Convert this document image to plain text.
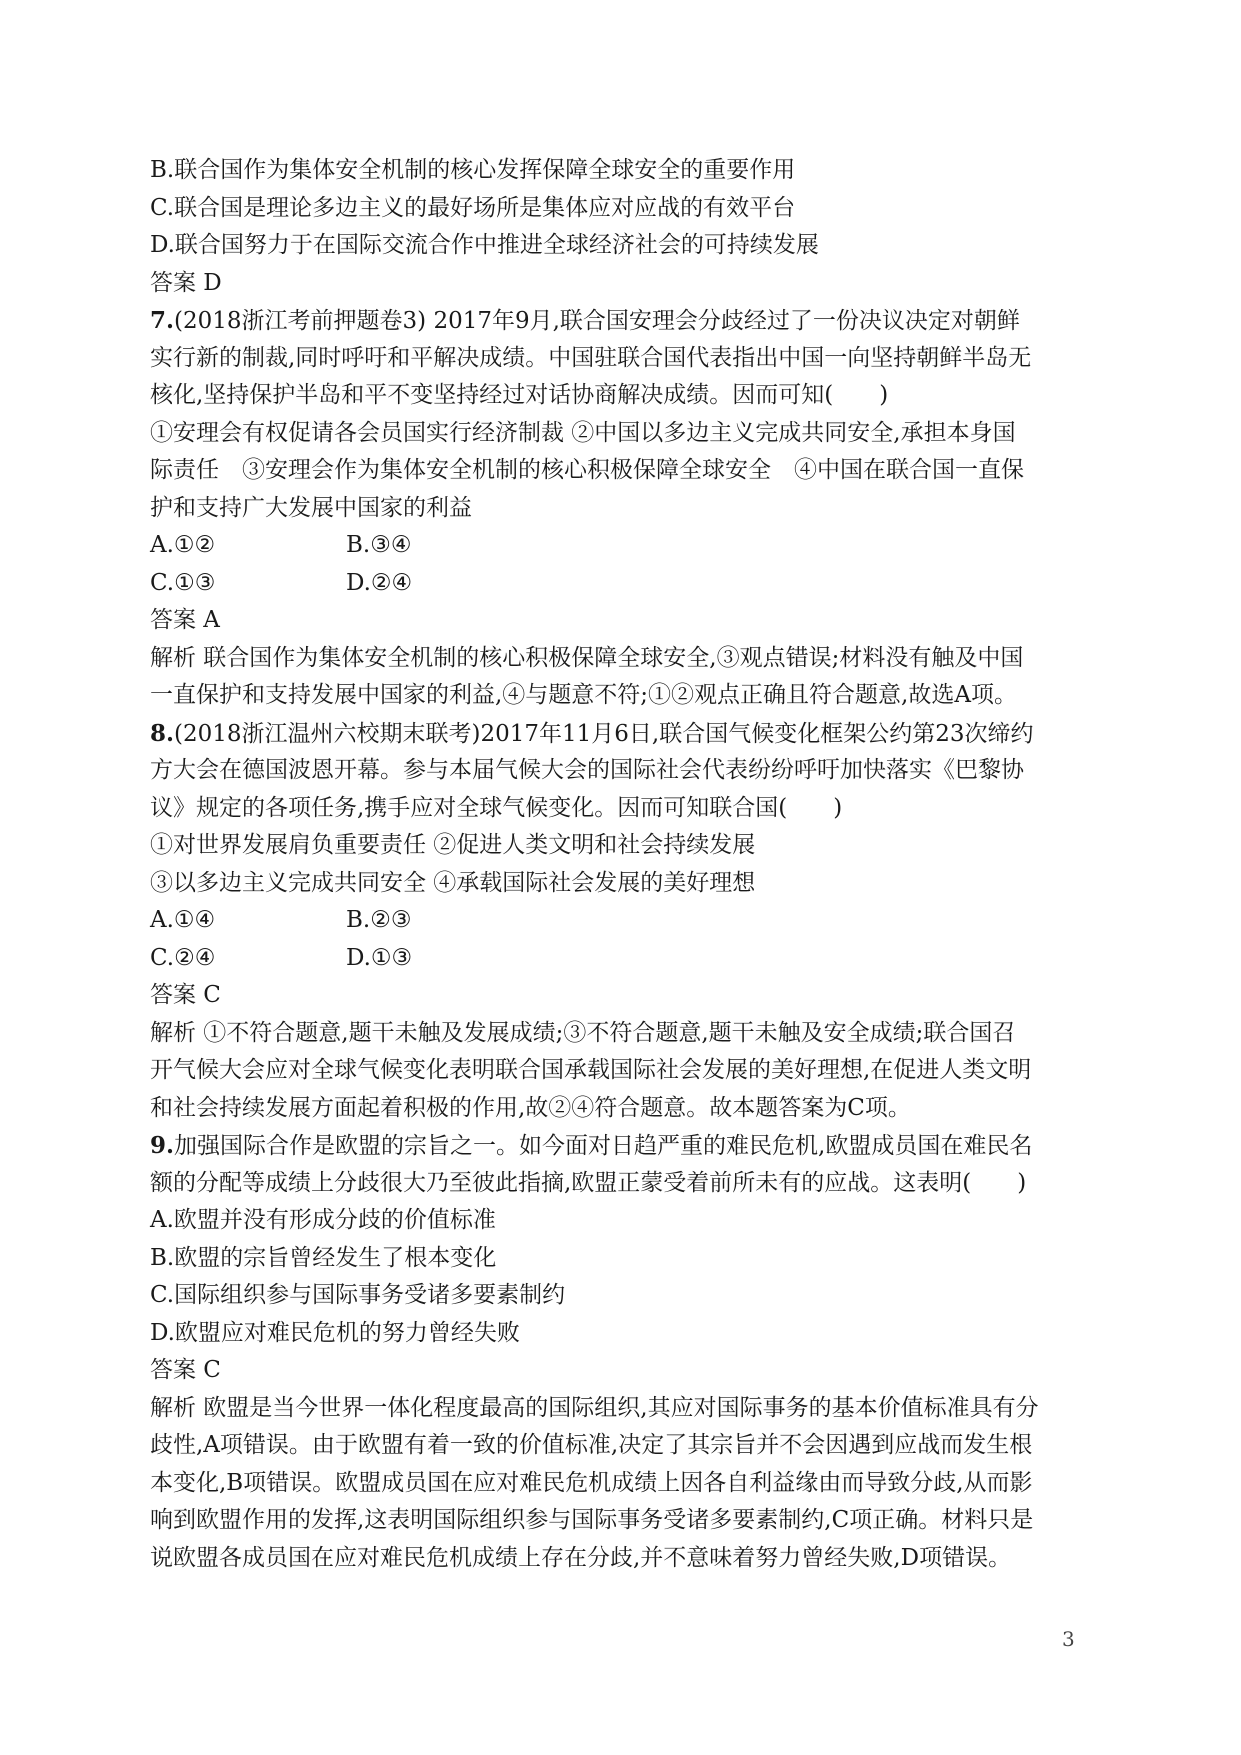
B.联合国作为集体安全机制的核心发挥保障全球安全的重要作用
C.联合国是理论多边主义的最好场所是集体应对应战的有效平台
D.联合国努力于在国际交流合作中推进全球经济社会的可持续发展
答案 D
7.(2018浙江考前押题卷3) 2017年9月,联合国安理会分歧经过了一份决议决定对朝鲜
实行新的制裁,同时呼吁和平解决成绩。中国驻联合国代表指出中国一向坚持朝鲜半岛无
核化,坚持保护半岛和平不变坚持经过对话协商解决成绩。因而可知(　　)
①安理会有权促请各会员国实行经济制裁 ②中国以多边主义完成共同安全,承担本身国
际责任　③安理会作为集体安全机制的核心积极保障全球安全　④中国在联合国一直保
护和支持广大发展中国家的利益
A.①②	B.③④
C.①③	D.②④
答案 A
解析 联合国作为集体安全机制的核心积极保障全球安全,③观点错误;材料没有触及中国
一直保护和支持发展中国家的利益,④与题意不符;①②观点正确且符合题意,故选A项。
8.(2018浙江温州六校期末联考)2017年11月6日,联合国气候变化框架公约第23次缔约
方大会在德国波恩开幕。参与本届气候大会的国际社会代表纷纷呼吁加快落实《巴黎协
议》规定的各项任务,携手应对全球气候变化。因而可知联合国(　　)
①对世界发展肩负重要责任 ②促进人类文明和社会持续发展
③以多边主义完成共同安全 ④承载国际社会发展的美好理想
A.①④	B.②③
C.②④	D.①③
答案 C
解析 ①不符合题意,题干未触及发展成绩;③不符合题意,题干未触及安全成绩;联合国召
开气候大会应对全球气候变化表明联合国承载国际社会发展的美好理想,在促进人类文明
和社会持续发展方面起着积极的作用,故②④符合题意。故本题答案为C项。
9.加强国际合作是欧盟的宗旨之一。如今面对日趋严重的难民危机,欧盟成员国在难民名
额的分配等成绩上分歧很大乃至彼此指摘,欧盟正蒙受着前所未有的应战。这表明(　　)
A.欧盟并没有形成分歧的价值标准
B.欧盟的宗旨曾经发生了根本变化
C.国际组织参与国际事务受诸多要素制约
D.欧盟应对难民危机的努力曾经失败
答案 C
解析 欧盟是当今世界一体化程度最高的国际组织,其应对国际事务的基本价值标准具有分
歧性,A项错误。由于欧盟有着一致的价值标准,决定了其宗旨并不会因遇到应战而发生根
本变化,B项错误。欧盟成员国在应对难民危机成绩上因各自利益缘由而导致分歧,从而影
响到欧盟作用的发挥,这表明国际组织参与国际事务受诸多要素制约,C项正确。材料只是
说欧盟各成员国在应对难民危机成绩上存在分歧,并不意味着努力曾经失败,D项错误。
3
